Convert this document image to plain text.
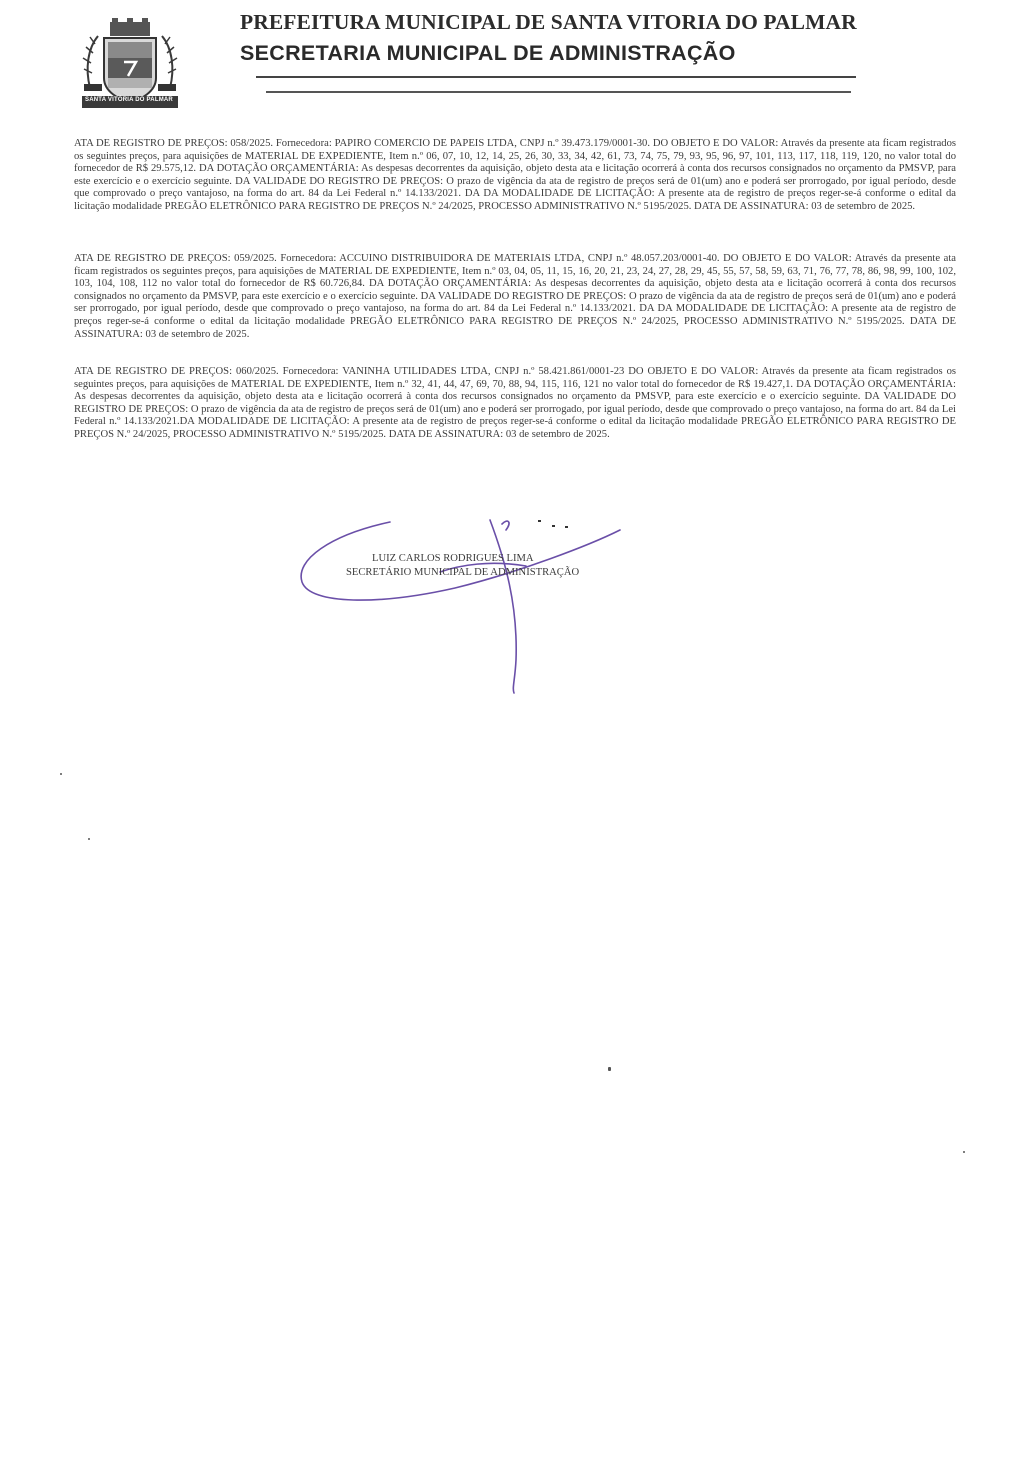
SANTA VITÓRIA DO PALMAR
PREFEITURA MUNICIPAL DE SANTA VITORIA DO PALMAR
SECRETARIA MUNICIPAL DE ADMINISTRAÇÃO

ATA DE REGISTRO DE PREÇOS: 058/2025. Fornecedora: PAPIRO COMERCIO DE PAPEIS LTDA, CNPJ n.º 39.473.179/0001-30. DO OBJETO E DO VALOR: Através da presente ata ficam registrados os seguintes preços, para aquisições de MATERIAL DE EXPEDIENTE, Item n.º 06, 07, 10, 12, 14, 25, 26, 30, 33, 34, 42, 61, 73, 74, 75, 79, 93, 95, 96, 97, 101, 113, 117, 118, 119, 120, no valor total do fornecedor de R$ 29.575,12. DA DOTAÇÃO ORÇAMENTÁRIA: As despesas decorrentes da aquisição, objeto desta ata e licitação ocorrerá à conta dos recursos consignados no orçamento da PMSVP, para este exercício e o exercício seguinte. DA VALIDADE DO REGISTRO DE PREÇOS: O prazo de vigência da ata de registro de preços será de 01(um) ano e poderá ser prorrogado, por igual período, desde que comprovado o preço vantajoso, na forma do art. 84 da Lei Federal n.º 14.133/2021. DA DA MODALIDADE DE LICITAÇÃO: A presente ata de registro de preços reger-se-á conforme o edital da licitação modalidade PREGÃO ELETRÔNICO PARA REGISTRO DE PREÇOS N.º 24/2025, PROCESSO ADMINISTRATIVO N.º 5195/2025. DATA DE ASSINATURA: 03 de setembro de 2025.

ATA DE REGISTRO DE PREÇOS: 059/2025. Fornecedora: ACCUINO DISTRIBUIDORA DE MATERIAIS LTDA, CNPJ n.º 48.057.203/0001-40. DO OBJETO E DO VALOR: Através da presente ata ficam registrados os seguintes preços, para aquisições de MATERIAL DE EXPEDIENTE, Item n.º 03, 04, 05, 11, 15, 16, 20, 21, 23, 24, 27, 28, 29, 45, 55, 57, 58, 59, 63, 71, 76, 77, 78, 86, 98, 99, 100, 102, 103, 104, 108, 112 no valor total do fornecedor de R$ 60.726,84. DA DOTAÇÃO ORÇAMENTÁRIA: As despesas decorrentes da aquisição, objeto desta ata e licitação ocorrerá à conta dos recursos consignados no orçamento da PMSVP, para este exercício e o exercício seguinte. DA VALIDADE DO REGISTRO DE PREÇOS: O prazo de vigência da ata de registro de preços será de 01(um) ano e poderá ser prorrogado, por igual período, desde que comprovado o preço vantajoso, na forma do art. 84 da Lei Federal n.º 14.133/2021. DA DA MODALIDADE DE LICITAÇÃO: A presente ata de registro de preços reger-se-á conforme o edital da licitação modalidade PREGÃO ELETRÔNICO PARA REGISTRO DE PREÇOS N.º 24/2025, PROCESSO ADMINISTRATIVO N.º 5195/2025. DATA DE ASSINATURA: 03 de setembro de 2025.

ATA DE REGISTRO DE PREÇOS: 060/2025. Fornecedora: VANINHA UTILIDADES LTDA, CNPJ n.º 58.421.861/0001-23 DO OBJETO E DO VALOR: Através da presente ata ficam registrados os seguintes preços, para aquisições de MATERIAL DE EXPEDIENTE, Item n.º 32, 41, 44, 47, 69, 70, 88, 94, 115, 116, 121 no valor total do fornecedor de R$ 19.427,1. DA DOTAÇÃO ORÇAMENTÁRIA: As despesas decorrentes da aquisição, objeto desta ata e licitação ocorrerá à conta dos recursos consignados no orçamento da PMSVP, para este exercício e o exercício seguinte. DA VALIDADE DO REGISTRO DE PREÇOS: O prazo de vigência da ata de registro de preços será de 01(um) ano e poderá ser prorrogado, por igual período, desde que comprovado o preço vantajoso, na forma do art. 84 da Lei Federal n.º 14.133/2021.DA MODALIDADE DE LICITAÇÃO: A presente ata de registro de preços reger-se-á conforme o edital da licitação modalidade PREGÃO ELETRÔNICO PARA REGISTRO DE PREÇOS N.º 24/2025, PROCESSO ADMINISTRATIVO N.º 5195/2025. DATA DE ASSINATURA: 03 de setembro de 2025.

LUIZ CARLOS RODRIGUES LIMA
SECRETÁRIO MUNICIPAL DE ADMINISTRAÇÃO
